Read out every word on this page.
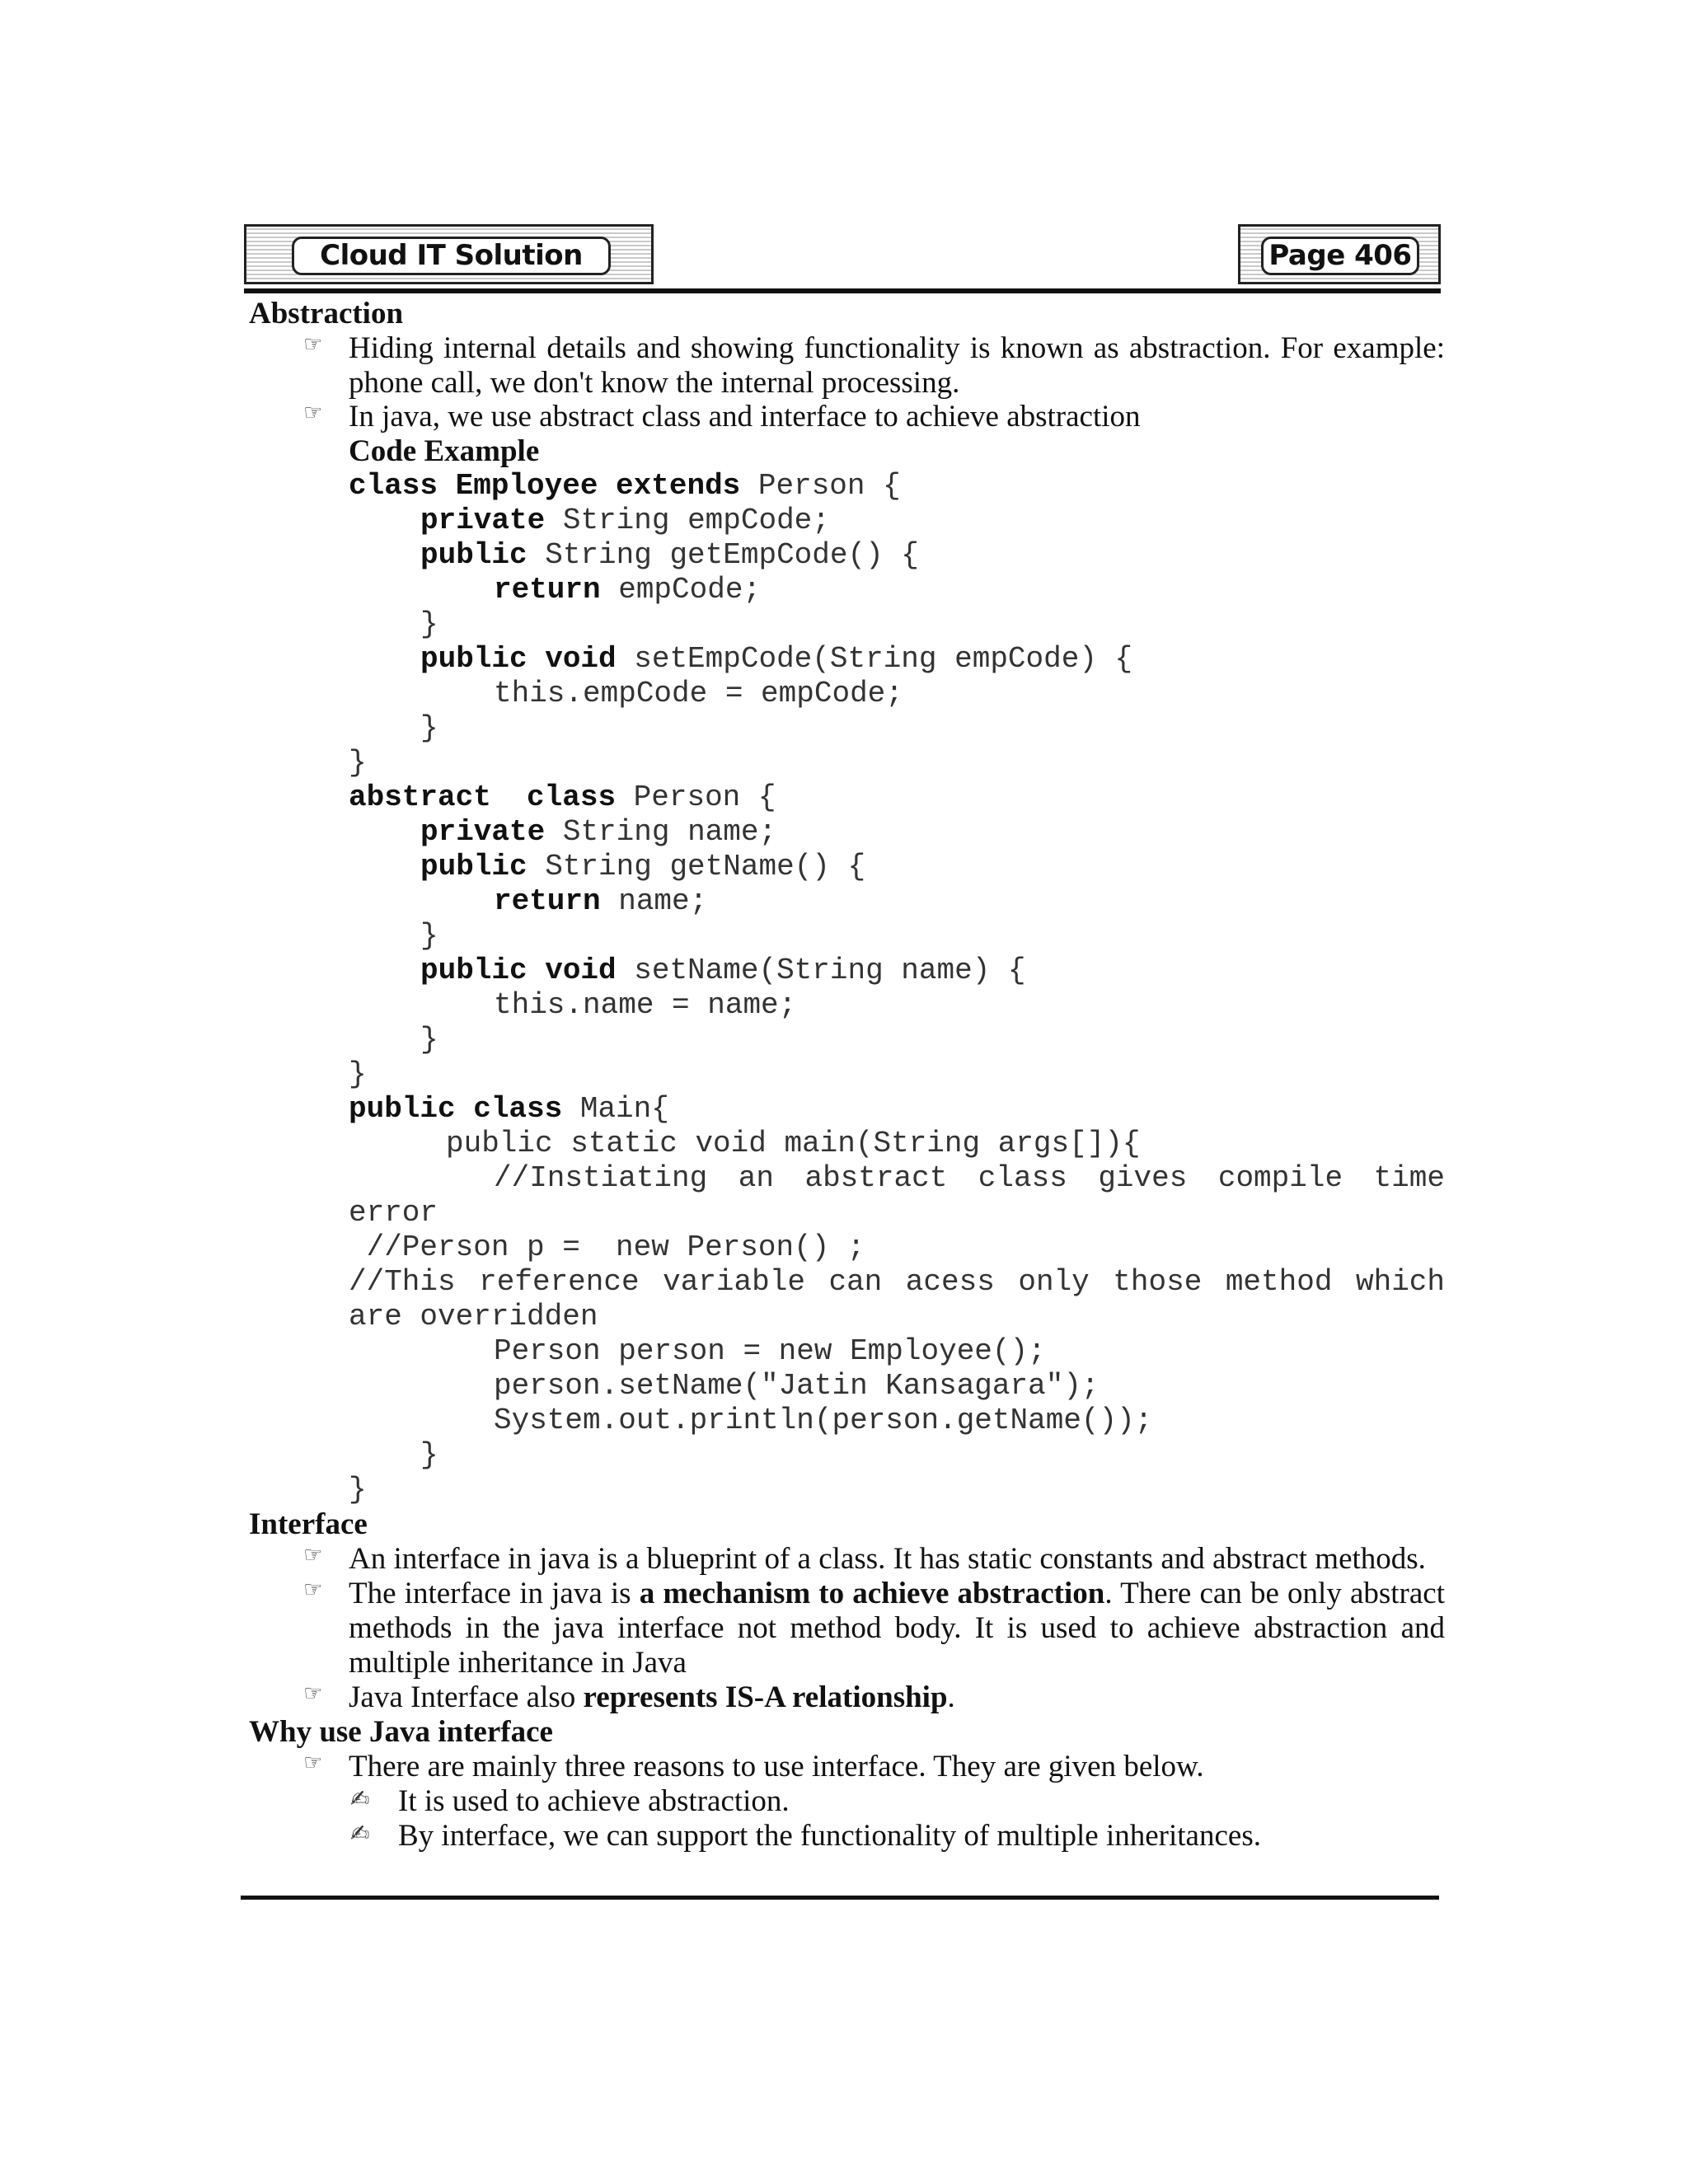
Cloud IT Solution	Page 406
Abstraction
☞ Hiding internal details and showing functionality is known as abstraction. For example:
phone call, we don't know the internal processing.
☞ In java, we use abstract class and interface to achieve abstraction
Code Example
class Employee extends Person {
private String empCode;
public String getEmpCode() {
return empCode;
}
public void setEmpCode(String empCode) {
this.empCode = empCode;
}
}
abstract  class Person {
private String name;
public String getName() {
return name;
}
public void setName(String name) {
this.name = name;
}
}
public class Main{
public static void main(String args[]){
//Instiating an abstract class gives compile time
error
//Person p =  new Person() ;
//This reference variable can acess only those method which
are overridden
Person person = new Employee();
person.setName("Jatin Kansagara");
System.out.println(person.getName());
}
}
Interface
☞ An interface in java is a blueprint of a class. It has static constants and abstract methods.
☞ The interface in java is a mechanism to achieve abstraction. There can be only abstract
methods in the java interface not method body. It is used to achieve abstraction and
multiple inheritance in Java
☞ Java Interface also represents IS-A relationship.
Why use Java interface
☞ There are mainly three reasons to use interface. They are given below.
✍ It is used to achieve abstraction.
✍ By interface, we can support the functionality of multiple inheritances.
